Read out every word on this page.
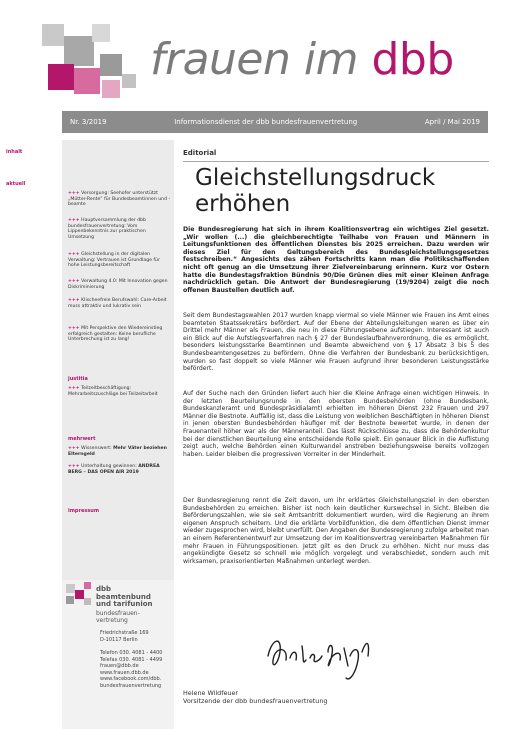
frauen im dbb
Nr. 3/2019	Informationsdienst der dbb bundesfrauenvertretung	April / Mai 2019
inhalt
aktuell
+++ Versorgung: Seehofer unterstützt „Mütter-Rente“ für Bundesbeamtinnen und -beamte
+++ Hauptversammlung der dbb bundesfrauenvertretung: Vom Lippenbekenntnis zur praktischen Umsetzung
+++ Gleichstellung in der digitalen Verwaltung: Vertrauen ist Grundlage für hohe Leistungsbereitschaft
+++ Verwaltung 4.0: Mit Innovation gegen Diskriminierung
+++ Klischeefreie Berufswahl: Care-Arbeit muss attraktiv und lukrativ sein
+++ Mit Perspektive den Wiedereinstieg erfolgreich gestalten: Keine berufliche Unterbrechung ist zu lang!
justitia
+++ Teilzeitbeschäftigung: Mehrarbeitszuschläge bei Teilzeitarbeit
mehrwert
+++ Wissenswert: Mehr Väter beziehen Elterngeld
+++ Unterhaltung gewinnen: ANDREA BERG – DAS OPEN AIR 2019
impressum
dbb
beamtenbund
und tarifunion
bundesfrauen-
vertretung
Friedrichstraße 169
D-10117 Berlin
Telefon 030. 4081 - 4400
Telefax 030. 4081 - 4499
frauen@dbb.de
www.frauen.dbb.de
www.facebook.com/dbb.
bundesfrauenvertretung
Editorial
Gleichstellungsdruck erhöhen
Die Bundesregierung hat sich in ihrem Koalitionsvertrag ein wichtiges Ziel gesetzt. „Wir wollen (...) die gleichberechtigte Teilhabe von Frauen und Männern in Leitungsfunktionen des öffentlichen Dienstes bis 2025 erreichen. Dazu werden wir dieses Ziel für den Geltungsbereich des Bundesgleichstellungsgesetzes festschreiben.“ Angesichts des zähen Fortschritts kann man die Politikschaffenden nicht oft genug an die Umsetzung ihrer Zielvereinbarung erinnern. Kurz vor Ostern hatte die Bundestagsfraktion Bündnis 90/Die Grünen dies mit einer Kleinen Anfrage nachdrücklich getan. Die Antwort der Bundesregierung (19/9204) zeigt die noch offenen Baustellen deutlich auf.
Seit dem Bundestagswahlen 2017 wurden knapp viermal so viele Männer wie Frauen ins Amt eines beamteten Staatssekretärs befördert. Auf der Ebene der Abteilungsleitungen waren es über ein Drittel mehr Männer als Frauen, die neu in diese Führungsebene aufstiegen. Interessant ist auch ein Blick auf die Aufstiegsverfahren nach § 27 der Bundeslaufbahnverordnung, die es ermöglicht, besonders leistungsstarke Beamtinnen und Beamte abweichend von § 17 Absatz 3 bis 5 des Bundesbeamtengesetzes zu befördern. Ohne die Verfahren der Bundesbank zu berücksichtigen, wurden so fast doppelt so viele Männer wie Frauen aufgrund ihrer besonderen Leistungsstärke befördert.
Auf der Suche nach den Gründen liefert auch hier die Kleine Anfrage einen wichtigen Hinweis. In der letzten Beurteilungsrunde in den obersten Bundesbehörden (ohne Bundesbank, Bundeskanzleramt und Bundespräsidialamt) erhielten im höheren Dienst 232 Frauen und 297 Männer die Bestnote. Auffällig ist, dass die Leistung von weiblichen Beschäftigten in höheren Dienst in jenen obersten Bundesbehörden häufiger mit der Bestnote bewertet wurde, in denen der Frauenanteil höher war als der Männeranteil. Das lässt Rückschlüsse zu, dass die Behördenkultur bei der dienstlichen Beurteilung eine entscheidende Rolle spielt. Ein genauer Blick in die Auflistung zeigt auch, welche Behörden einen Kulturwandel anstreben beziehungsweise bereits vollzogen haben. Leider bleiben die progressiven Vorreiter in der Minderheit.
Der Bundesregierung rennt die Zeit davon, um ihr erklärtes Gleichstellungsziel in den obersten Bundesbehörden zu erreichen. Bisher ist noch kein deutlicher Kurswechsel in Sicht. Bleiben die Beförderungszahlen, wie sie seit Amtsantritt dokumentiert wurden, wird die Regierung an ihrem eigenen Anspruch scheitern. Und die erklärte Vorbildfunktion, die dem öffentlichen Dienst immer wieder zugesprochen wird, bleibt unerfüllt. Den Angaben der Bundesregierung zufolge arbeitet man an einem Referentenentwurf zur Umsetzung der im Koalitionsvertrag vereinbarten Maßnahmen für mehr Frauen in Führungspositionen. Jetzt gilt es den Druck zu erhöhen. Nicht nur muss das angekündigte Gesetz so schnell wie möglich vorgelegt und verabschiedet, sondern auch mit wirksamen, praxisorientierten Maßnahmen unterlegt werden.
Helene Wildfeuer
Vorsitzende der dbb bundesfrauenvertretung
